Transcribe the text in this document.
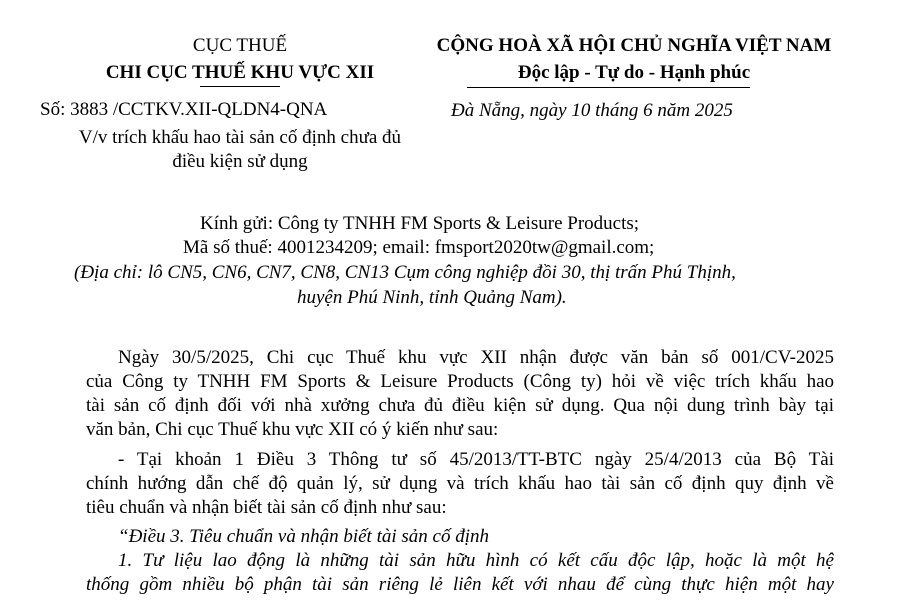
CỤC THUẾ
CHI CỤC THUẾ KHU VỰC XII
Số: 3883 /CCTKV.XII-QLDN4-QNA
V/v trích khấu hao tài sản cố định chưa đủ
điều kiện sử dụng
CỘNG HOÀ XÃ HỘI CHỦ NGHĨA VIỆT NAM
Độc lập - Tự do - Hạnh phúc
Đà Nẵng, ngày 10 tháng 6 năm 2025
Kính gửi: Công ty TNHH FM Sports & Leisure Products;
Mã số thuế: 4001234209; email: fmsport2020tw@gmail.com;
(Địa chỉ: lô CN5, CN6, CN7, CN8, CN13 Cụm công nghiệp đồi 30, thị trấn Phú Thịnh,
huyện Phú Ninh, tỉnh Quảng Nam).
Ngày 30/5/2025, Chi cục Thuế khu vực XII nhận được văn bản số 001/CV-2025
của Công ty TNHH FM Sports & Leisure Products (Công ty) hỏi về việc trích khấu hao
tài sản cố định đối với nhà xưởng chưa đủ điều kiện sử dụng. Qua nội dung trình bày tại
văn bản, Chi cục Thuế khu vực XII có ý kiến như sau:
- Tại khoản 1 Điều 3 Thông tư số 45/2013/TT-BTC ngày 25/4/2013 của Bộ Tài
chính hướng dẫn chế độ quản lý, sử dụng và trích khấu hao tài sản cố định quy định về
tiêu chuẩn và nhận biết tài sản cố định như sau:
“Điều 3. Tiêu chuẩn và nhận biết tài sản cố định
1. Tư liệu lao động là những tài sản hữu hình có kết cấu độc lập, hoặc là một hệ
thống gồm nhiều bộ phận tài sản riêng lẻ liên kết với nhau để cùng thực hiện một hay
